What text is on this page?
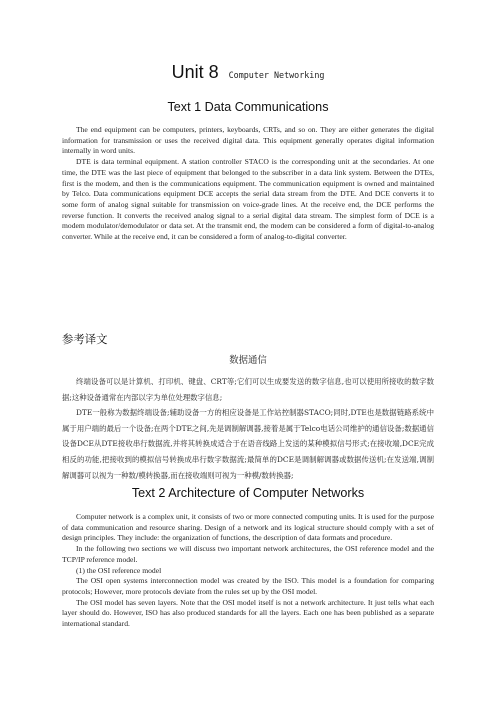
Unit 8 Computer Networking
Text 1 Data Communications

The end equipment can be computers, printers, keyboards, CRTs, and so on. They are either generates the digital information for transmission or uses the received digital data. This equipment generally operates digital information internally in word units.

DTE is data terminal equipment. A station controller STACO is the corresponding unit at the secondaries. At one time, the DTE was the last piece of equipment that belonged to the subscriber in a data link system. Between the DTEs, first is the modem, and then is the communications equipment. The communication equipment is owned and maintained by Telco. Data communications equipment DCE accepts the serial data stream from the DTE. And DCE converts it to some form of analog signal suitable for transmission on voice-grade lines. At the receive end, the DCE performs the reverse function. It converts the received analog signal to a serial digital data stream. The simplest form of DCE is a modem modulator/demodulator or data set. At the transmit end, the modem can be considered a form of digital-to-analog converter. While at the receive end, it can be considered a form of analog-to-digital converter.

参考译文
数据通信

终端设备可以是计算机、打印机、键盘、CRT等;它们可以生成要发送的数字信息,也可以使用所接收的数字数据;这种设备通常在内部以字为单位处理数字信息;

DTE一般称为数据终端设备;辅助设备一方的相应设备是工作站控制器STACO;同时,DTE也是数据链路系统中属于用户端的最后一个设备;在两个DTE之间,先是调制解调器,接着是属于Telco电话公司维护的通信设备;数据通信设备DCE从DTE接收串行数据流,并将其转换成适合于在语音线路上发送的某种模拟信号形式;在接收端,DCE完成相反的功能,把接收到的模拟信号转换成串行数字数据流;最简单的DCE是调制解调器或数据传送机;在发送端,调制解调器可以视为一种数/模转换器,而在接收端则可视为一种模/数转换器;

Text 2 Architecture of Computer Networks

Computer network is a complex unit, it consists of two or more connected computing units. It is used for the purpose of data communication and resource sharing. Design of a network and its logical structure should comply with a set of design principles. They include: the organization of functions, the description of data formats and procedure.

In the following two sections we will discuss two important network architectures, the OSI reference model and the TCP/IP reference model.

(1) the OSI reference model

The OSI open systems interconnection model was created by the ISO. This model is a foundation for comparing protocols; However, more protocols deviate from the rules set up by the OSI model.

The OSI model has seven layers. Note that the OSI model itself is not a network architecture. It just tells what each layer should do. However, ISO has also produced standards for all the layers. Each one has been published as a separate international standard.
